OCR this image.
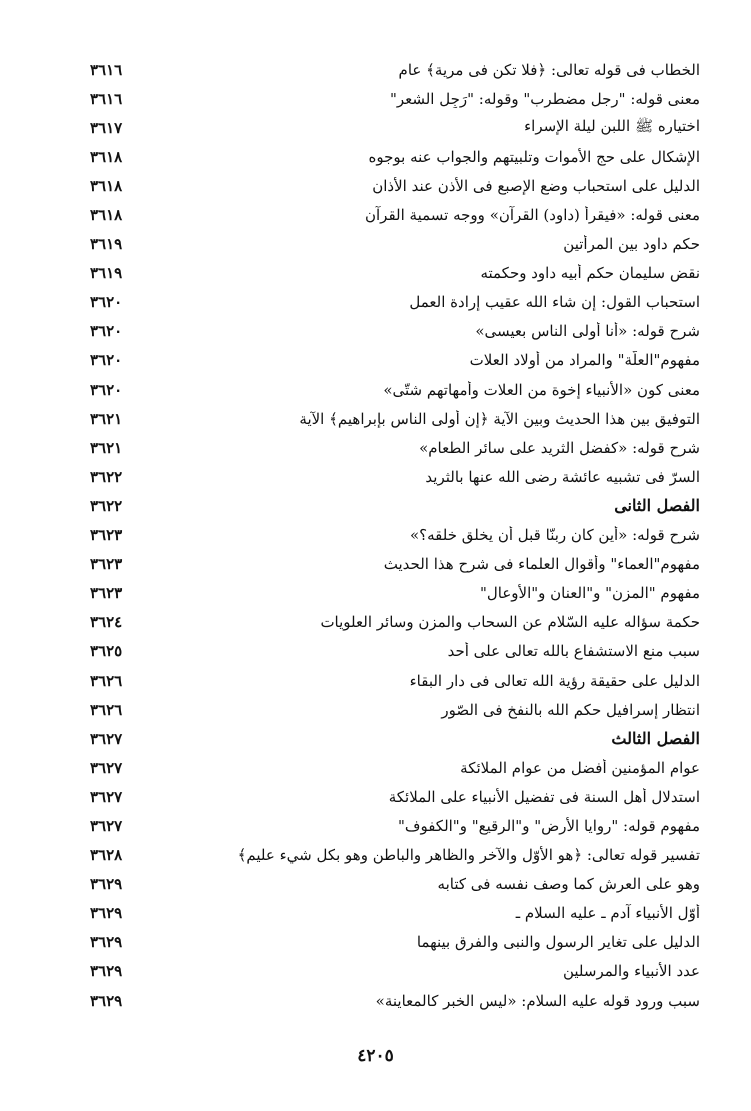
٣٦١٦	الخطاب فى قوله تعالى: ﴿فلا تكن فى مرية﴾ عام
٣٦١٦	معنى قوله: "رجل مضطرب" وقوله: "رَجِل الشعر"
٣٦١٧	اختياره ﷺ اللبن ليلة الإسراء
٣٦١٨	الإشكال على حج الأموات وتلبيتهم والجواب عنه بوجوه
٣٦١٨	الدليل على استحباب وضع الإصبع فى الأذن عند الأذان
٣٦١٨	معنى قوله: «فيقرأ (داود) القرآن» ووجه تسمية القرآن
٣٦١٩	حكم داود بين المرأتين
٣٦١٩	نقض سليمان حكم أبيه داود وحكمته
٣٦٢٠	استحباب القول: إن شاء الله عقيب إرادة العمل
٣٦٢٠	شرح قوله: «أنا أولى الناس بعيسى»
٣٦٢٠	مفهوم"العلّة" والمراد من أولاد العلات
٣٦٢٠	معنى كون «الأنبياء إخوة من العلات وأمهاتهم شتّى»
٣٦٢١	التوفيق بين هذا الحديث وبين الآية ﴿إن أولى الناس بإبراهيم﴾ الآية
٣٦٢١	شرح قوله: «كفضل الثريد على سائر الطعام»
٣٦٢٢	السرّ فى تشبيه عائشة رضى الله عنها بالثريد
٣٦٢٢	الفصل الثانى
٣٦٢٣	شرح قوله: «أين كان ربنّا قبل أن يخلق خلقه؟»
٣٦٢٣	مفهوم"العماء" وأقوال العلماء فى شرح هذا الحديث
٣٦٢٣	مفهوم "المزن" و"العنان و"الأوعال"
٣٦٢٤	حكمة سؤاله عليه السّلام عن السحاب والمزن وسائر العلويات
٣٦٢٥	سبب منع الاستشفاع بالله تعالى على أحد
٣٦٢٦	الدليل على حقيقة رؤية الله تعالى فى دار البقاء
٣٦٢٦	انتظار إسرافيل حكم الله بالنفخ فى الصّور
٣٦٢٧	الفصل الثالث
٣٦٢٧	عوام المؤمنين أفضل من عوام الملائكة
٣٦٢٧	استدلال أهل السنة فى تفضيل الأنبياء على الملائكة
٣٦٢٧	مفهوم قوله: "روايا الأرض" و"الرقيع" و"الكفوف"
٣٦٢٨	تفسير قوله تعالى: ﴿هو الأوّل والآخر والظاهر والباطن وهو بكل شيء عليم﴾
٣٦٢٩	وهو على العرش كما وصف نفسه فى كتابه
٣٦٢٩	أوّل الأنبياء آدم ـ عليه السلام ـ
٣٦٢٩	الدليل على تغاير الرسول والنبى والفرق بينهما
٣٦٢٩	عدد الأنبياء والمرسلين
٣٦٢٩	سبب ورود قوله عليه السلام: «ليس الخبر كالمعاينة»
٤٢٠٥
